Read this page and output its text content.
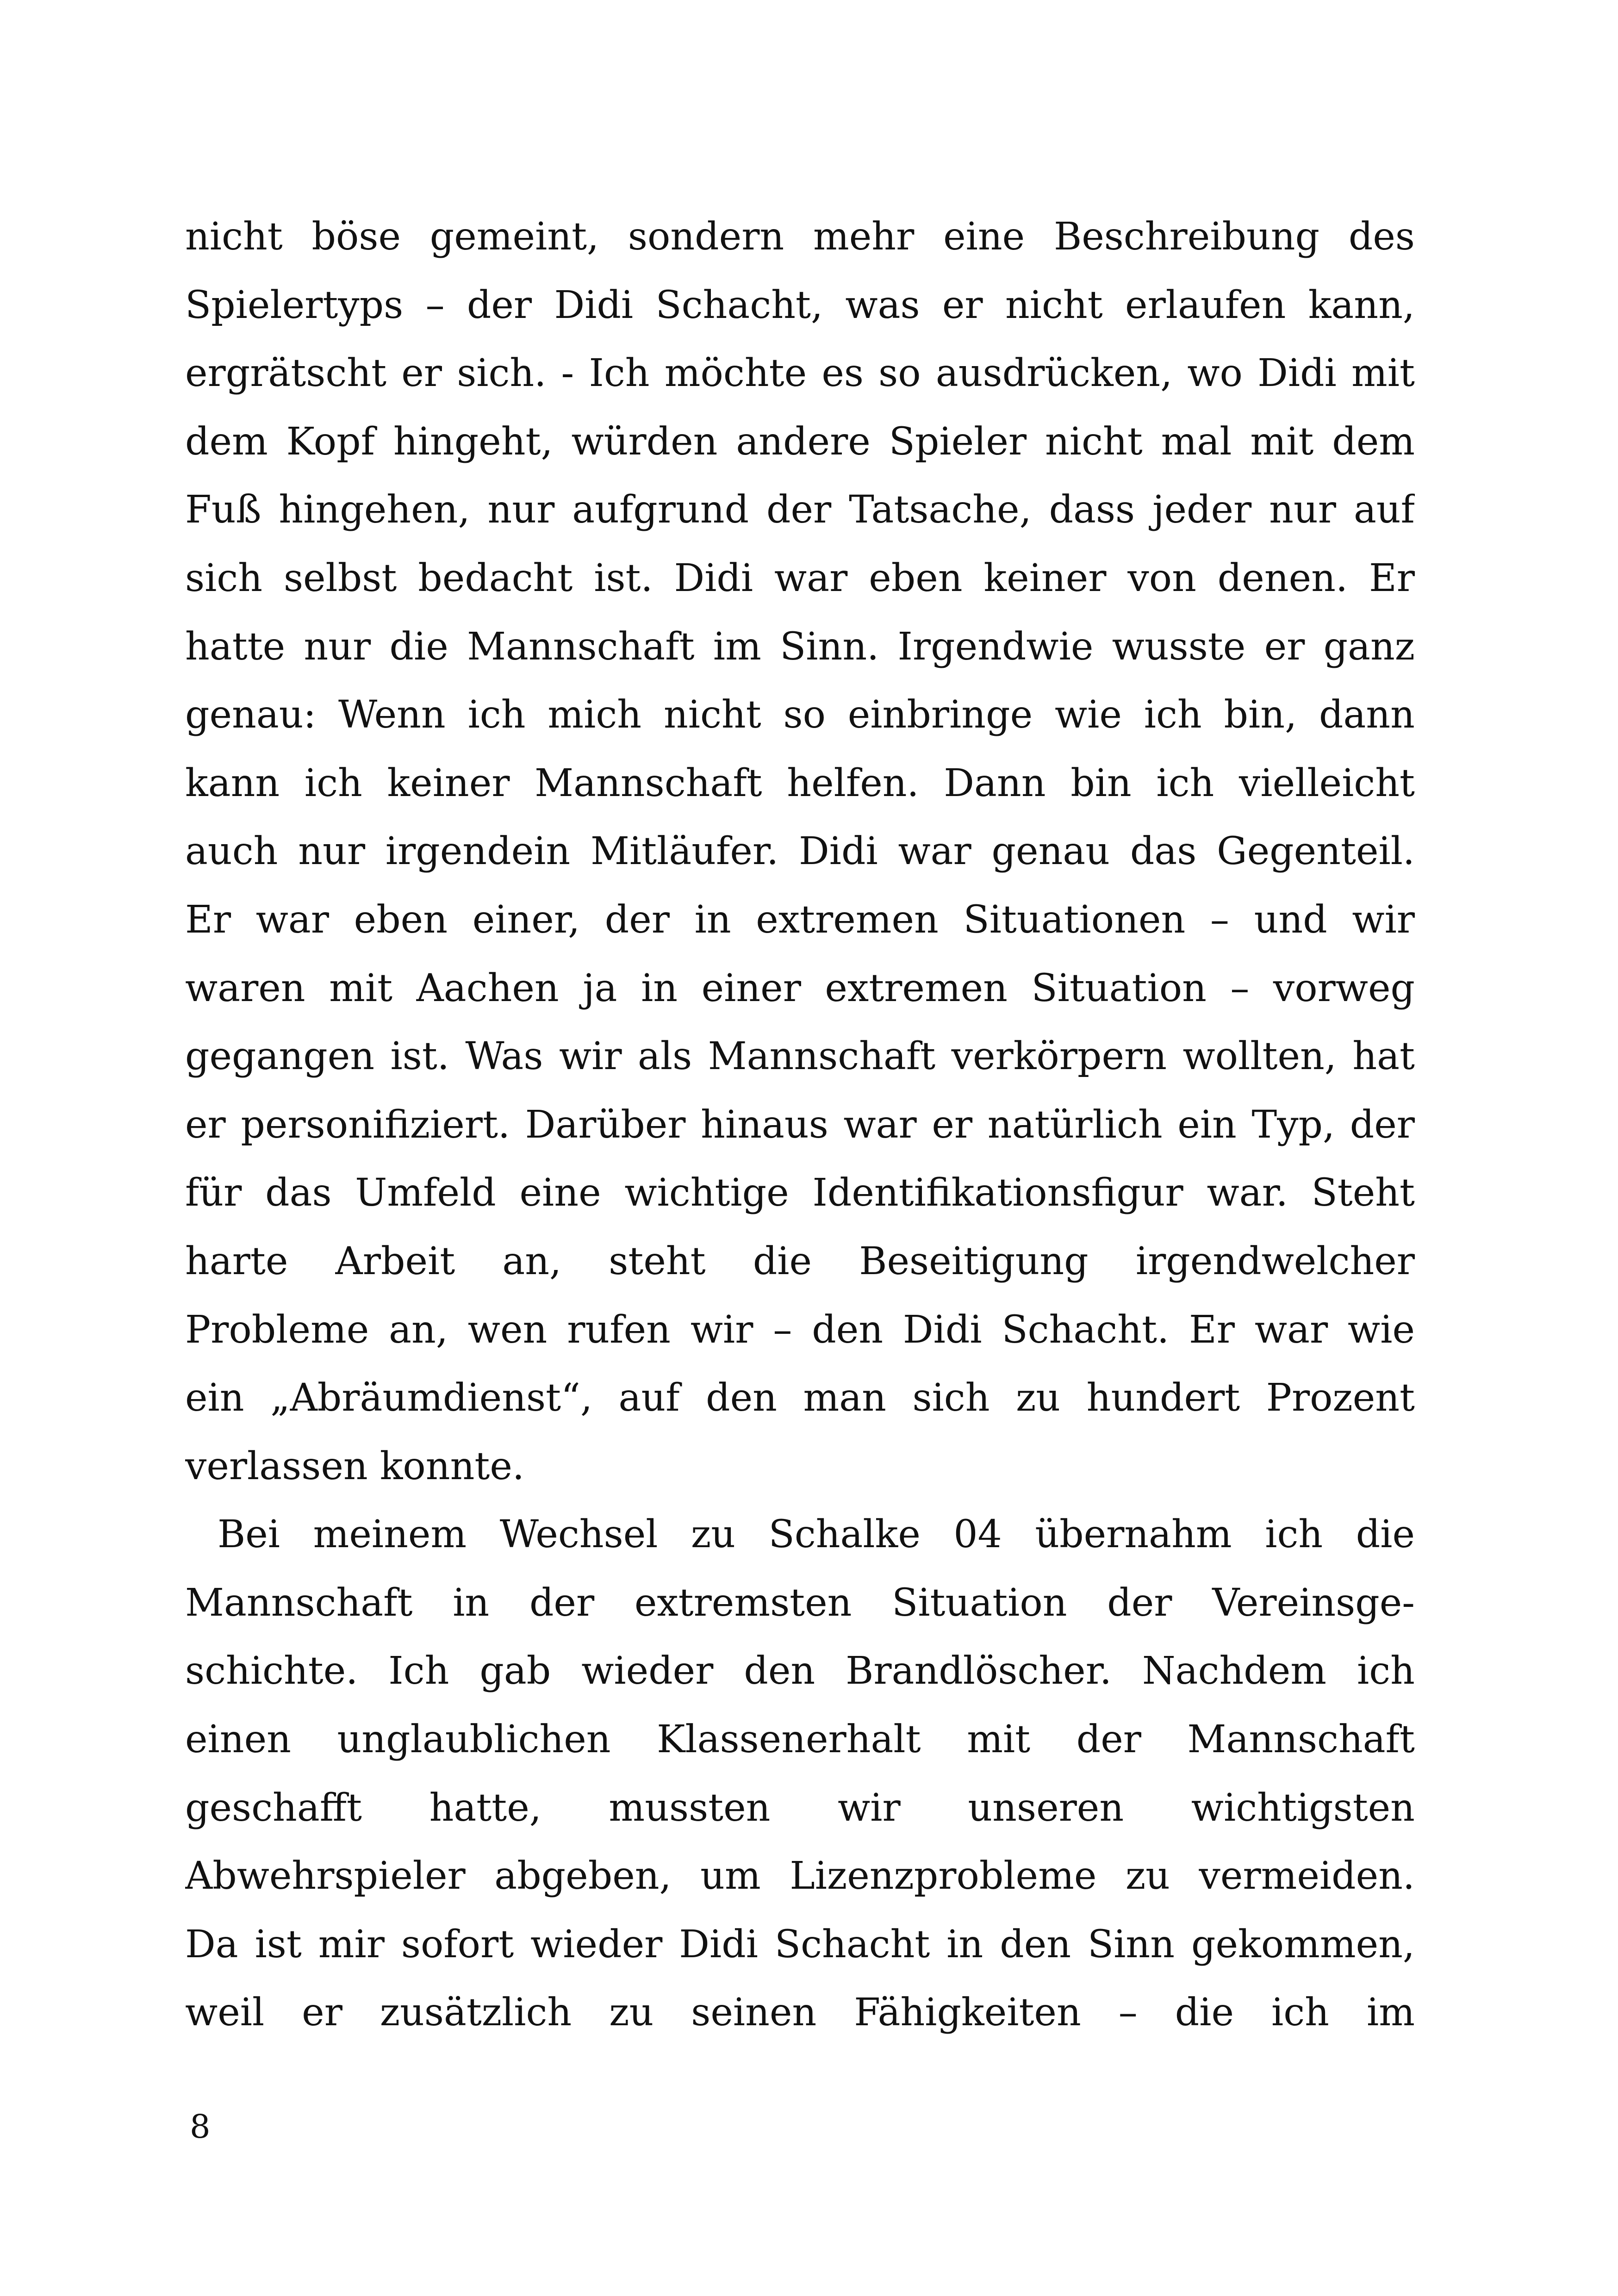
nicht böse gemeint, sondern mehr eine Beschreibung des
Spielertyps – der Didi Schacht, was er nicht erlaufen kann,
ergrätscht er sich. - Ich möchte es so ausdrücken, wo Didi mit
dem Kopf hingeht, würden andere Spieler nicht mal mit dem
Fuß hingehen, nur aufgrund der Tatsache, dass jeder nur auf
sich selbst bedacht ist. Didi war eben keiner von denen. Er
hatte nur die Mannschaft im Sinn. Irgendwie wusste er ganz
genau: Wenn ich mich nicht so einbringe wie ich bin, dann
kann ich keiner Mannschaft helfen. Dann bin ich vielleicht
auch nur irgendein Mitläufer. Didi war genau das Gegenteil.
Er war eben einer, der in extremen Situationen – und wir
waren mit Aachen ja in einer extremen Situation – vorweg
gegangen ist. Was wir als Mannschaft verkörpern wollten, hat
er personifiziert. Darüber hinaus war er natürlich ein Typ, der
für das Umfeld eine wichtige Identifikationsfigur war. Steht
harte Arbeit an, steht die Beseitigung irgendwelcher
Probleme an, wen rufen wir – den Didi Schacht. Er war wie
ein „Abräumdienst“, auf den man sich zu hundert Prozent
verlassen konnte.
Bei meinem Wechsel zu Schalke 04 übernahm ich die
Mannschaft in der extremsten Situation der Vereinsge-
schichte. Ich gab wieder den Brandlöscher. Nachdem ich
einen unglaublichen Klassenerhalt mit der Mannschaft
geschafft hatte, mussten wir unseren wichtigsten
Abwehrspieler abgeben, um Lizenzprobleme zu vermeiden.
Da ist mir sofort wieder Didi Schacht in den Sinn gekommen,
weil er zusätzlich zu seinen Fähigkeiten – die ich im
8
